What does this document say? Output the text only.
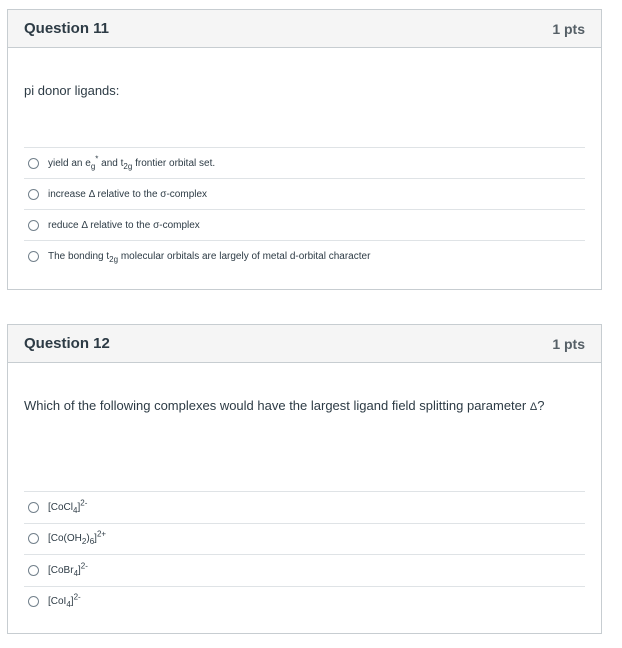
Question 11	1 pts
pi donor ligands:
yield an $e_g^*$ and $t_{2g}$ frontier orbital set.
increase Δ relative to the σ-complex
reduce Δ relative to the σ-complex
The bonding $t_{2g}$ molecular orbitals are largely of metal d-orbital character
Question 12	1 pts
Which of the following complexes would have the largest ligand field splitting parameter Δ?
[CoCl$_4$]$^{2-}$
$[Co(OH_2)_6]^{2+}$
[CoBr$_4$]$^{2-}$
$[CoI_4]^{2-}$
